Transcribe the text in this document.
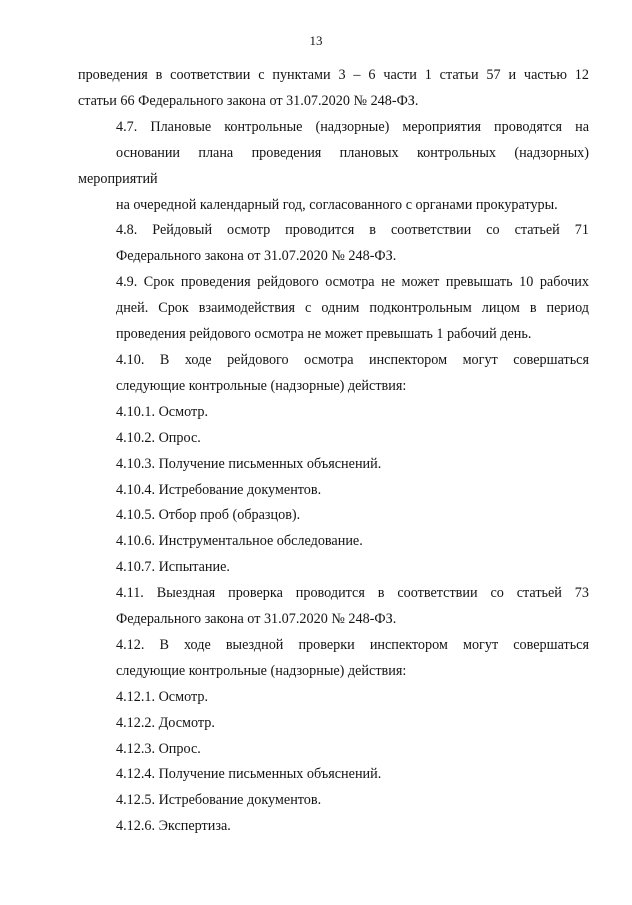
13

проведения в соответствии с пунктами 3 – 6 части 1 статьи 57 и частью 12
статьи 66 Федерального закона от 31.07.2020 № 248-ФЗ.

4.7. Плановые контрольные (надзорные) мероприятия проводятся на
основании плана проведения плановых контрольных (надзорных) мероприятий
на очередной календарный год, согласованного с органами прокуратуры.

4.8. Рейдовый осмотр проводится в соответствии со статьей 71
Федерального закона от 31.07.2020 № 248-ФЗ.

4.9. Срок проведения рейдового осмотра не может превышать 10 рабочих
дней. Срок взаимодействия с одним подконтрольным лицом в период
проведения рейдового осмотра не может превышать 1 рабочий день.

4.10. В ходе рейдового осмотра инспектором могут совершаться
следующие контрольные (надзорные) действия:

4.10.1. Осмотр.

4.10.2. Опрос.

4.10.3. Получение письменных объяснений.

4.10.4. Истребование документов.

4.10.5. Отбор проб (образцов).

4.10.6. Инструментальное обследование.

4.10.7. Испытание.

4.11. Выездная проверка проводится в соответствии со статьей 73
Федерального закона от 31.07.2020 № 248-ФЗ.

4.12. В ходе выездной проверки инспектором могут совершаться
следующие контрольные (надзорные) действия:

4.12.1. Осмотр.

4.12.2. Досмотр.

4.12.3. Опрос.

4.12.4. Получение письменных объяснений.

4.12.5. Истребование документов.

4.12.6. Экспертиза.
